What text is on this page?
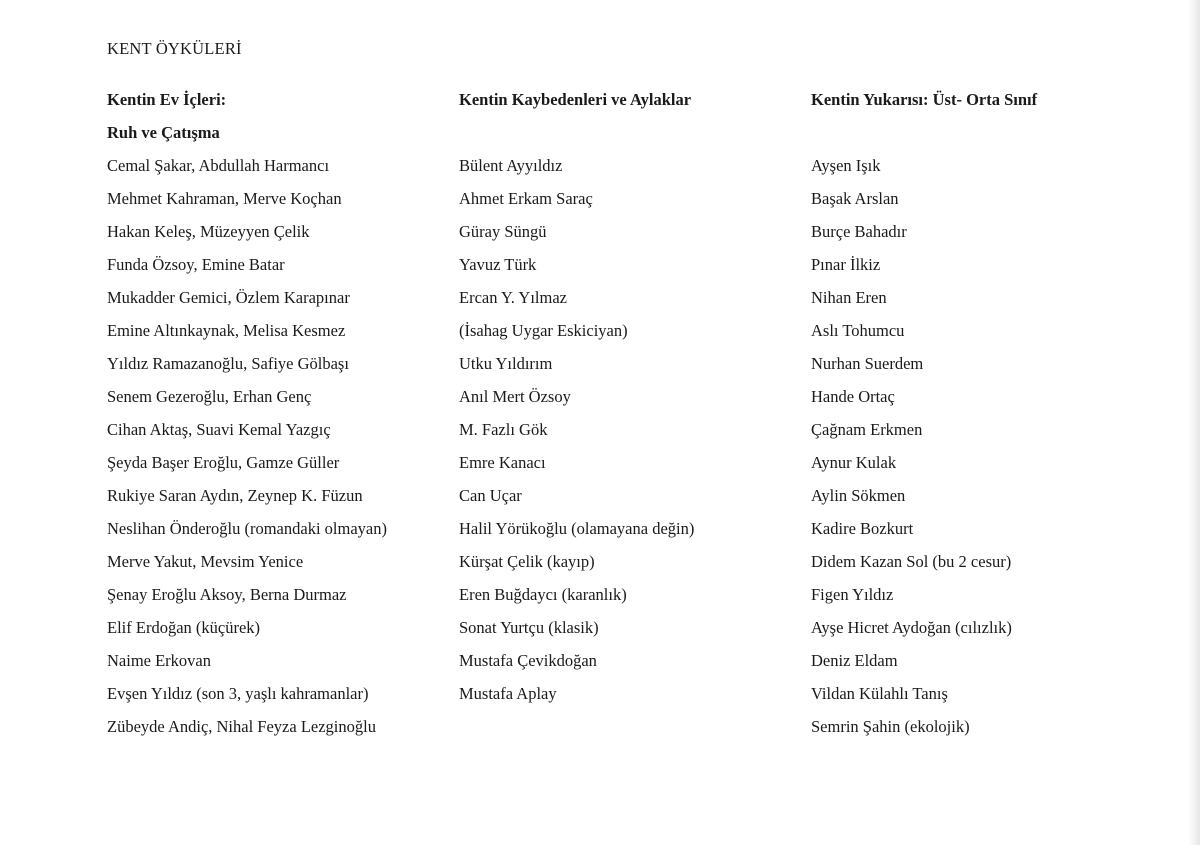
KENT ÖYKÜLERİ
Kentin Ev İçleri:
Ruh ve Çatışma
Cemal Şakar, Abdullah Harmancı
Mehmet Kahraman, Merve Koçhan
Hakan Keleş, Müzeyyen Çelik
Funda Özsoy, Emine Batar
Mukadder Gemici, Özlem Karapınar
Emine Altınkaynak, Melisa Kesmez
Yıldız Ramazanoğlu, Safiye Gölbaşı
Senem Gezeroğlu, Erhan Genç
Cihan Aktaş, Suavi Kemal Yazgıç
Şeyda Başer Eroğlu, Gamze Güller
Rukiye Saran Aydın, Zeynep K. Füzun
Neslihan Önderoğlu (romandaki olmayan)
Merve Yakut, Mevsim Yenice
Şenay Eroğlu Aksoy, Berna Durmaz
Elif Erdoğan (küçürek)
Naime Erkovan
Evşen Yıldız (son 3, yaşlı kahramanlar)
Zübeyde Andiç, Nihal Feyza Lezginoğlu
Kentin Kaybedenleri ve Aylaklar
Bülent Ayyıldız
Ahmet Erkam Saraç
Güray Süngü
Yavuz Türk
Ercan Y. Yılmaz
(İsahag Uygar Eskiciyan)
Utku Yıldırım
Anıl Mert Özsoy
M. Fazlı Gök
Emre Kanacı
Can Uçar
Halil Yörükoğlu (olamayana değin)
Kürşat Çelik (kayıp)
Eren Buğdaycı (karanlık)
Sonat Yurtçu (klasik)
Mustafa Çevikdoğan
Mustafa Aplay
Kentin Yukarısı: Üst- Orta Sınıf
Ayşen Işık
Başak Arslan
Burçe Bahadır
Pınar İlkiz
Nihan Eren
Aslı Tohumcu
Nurhan Suerdem
Hande Ortaç
Çağnam Erkmen
Aynur Kulak
Aylin Sökmen
Kadire Bozkurt
Didem Kazan Sol (bu 2 cesur)
Figen Yıldız
Ayşe Hicret Aydoğan (cılızlık)
Deniz Eldam
Vildan Külahlı Tanış
Semrin Şahin (ekolojik)
